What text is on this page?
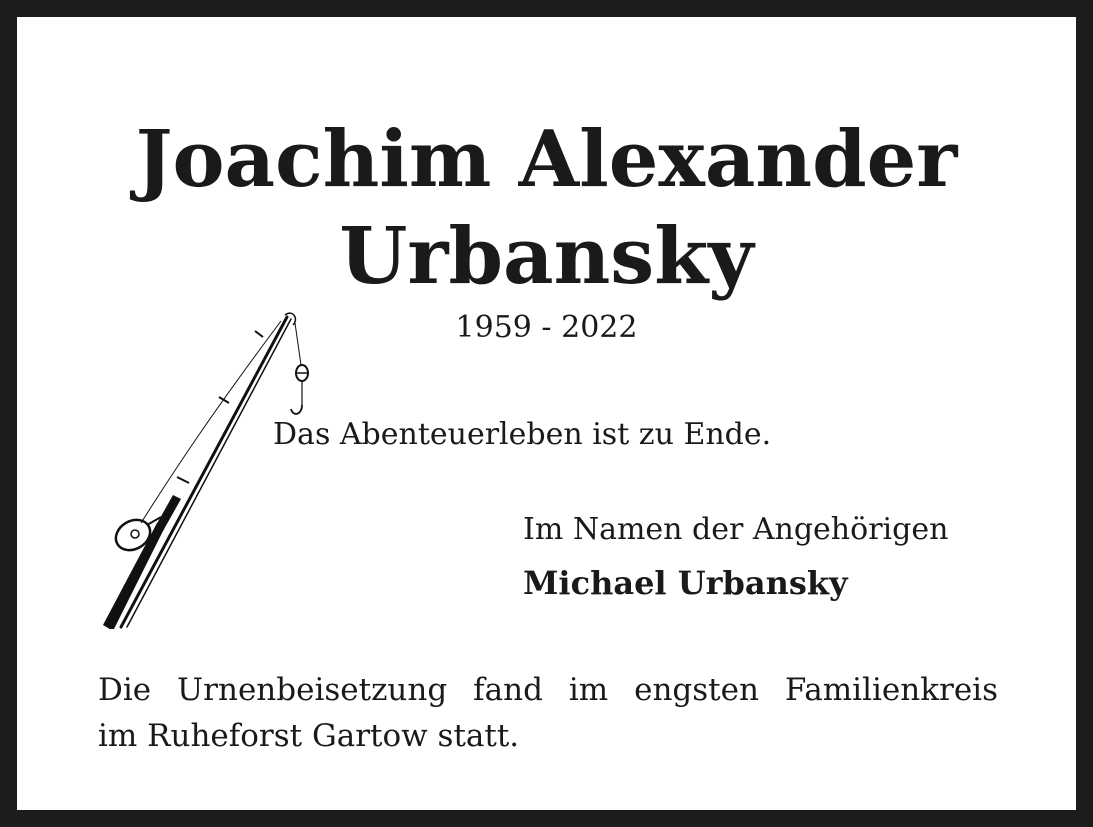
Joachim Alexander
Urbansky
1959 - 2022
Das Abenteuerleben ist zu Ende.
Im Namen der Angehörigen
Michael Urbansky
Die Urnenbeisetzung fand im engsten Familienkreis
im Ruheforst Gartow statt.
